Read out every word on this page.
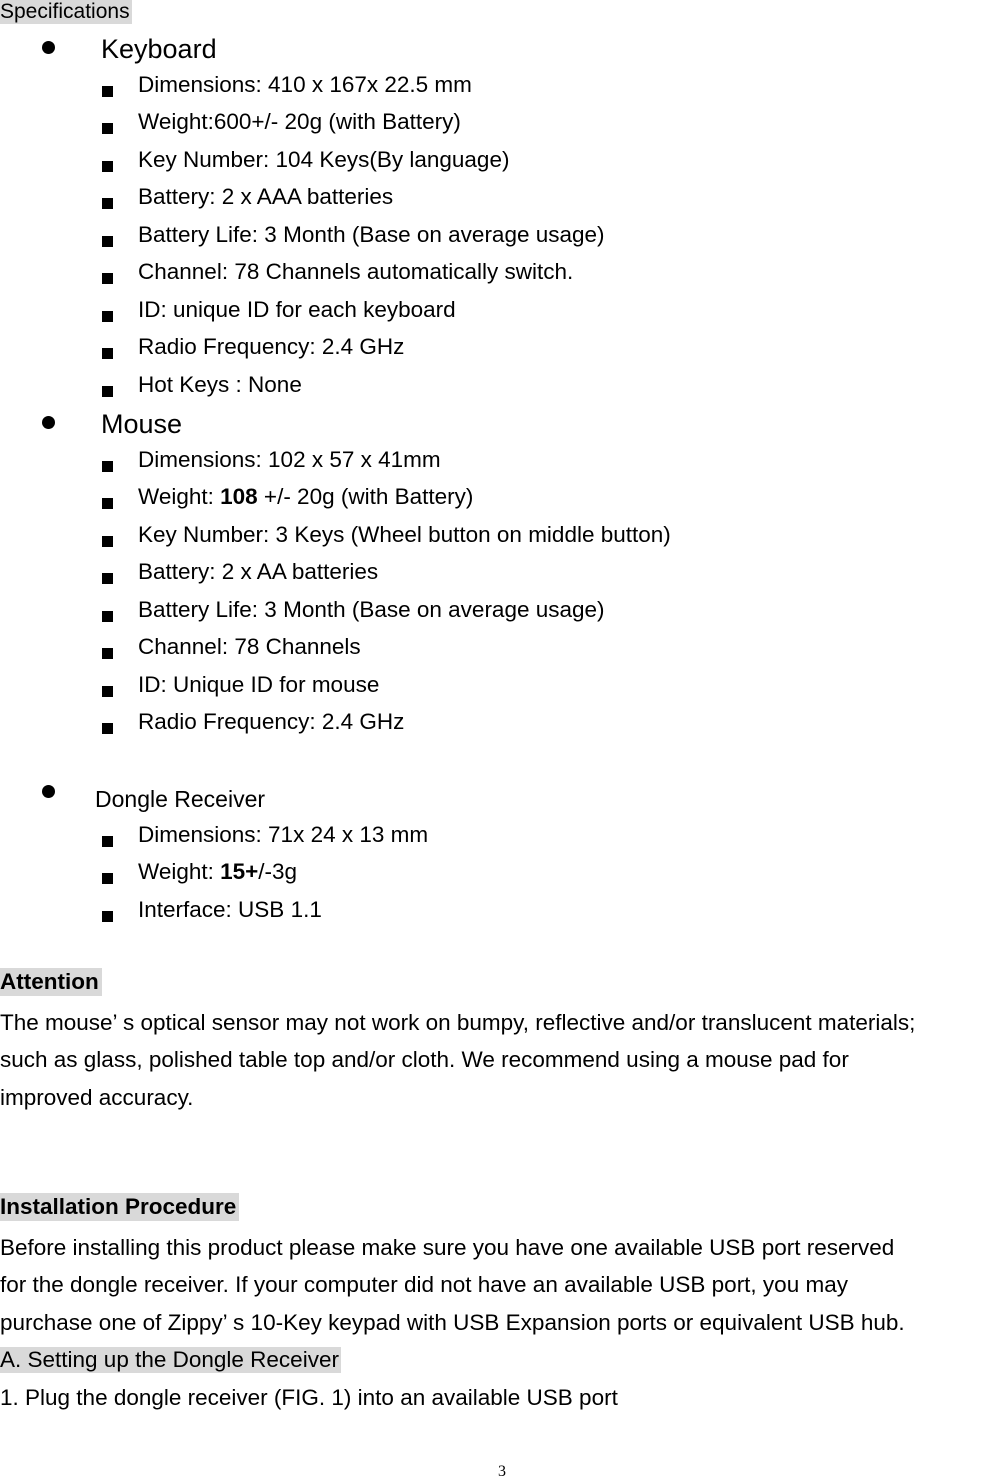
Specifications
Keyboard
Dimensions: 410 x 167x 22.5 mm
Weight:600+/- 20g (with Battery)
Key Number: 104 Keys(By language)
Battery: 2 x AAA batteries
Battery Life: 3 Month (Base on average usage)
Channel: 78 Channels automatically switch.
ID: unique ID for each keyboard
Radio Frequency: 2.4 GHz
Hot Keys : None
Mouse
Dimensions: 102 x 57 x 41mm
Weight: 108 +/- 20g (with Battery)
Key Number: 3 Keys (Wheel button on middle button)
Battery: 2 x AA batteries
Battery Life: 3 Month (Base on average usage)
Channel: 78 Channels
ID: Unique ID for mouse
Radio Frequency: 2.4 GHz
Dongle Receiver
Dimensions: 71x 24 x 13 mm
Weight: 15+/-3g
Interface: USB 1.1
Attention
The mouse’ s optical sensor may not work on bumpy, reflective and/or translucent materials;
such as glass, polished table top and/or cloth. We recommend using a mouse pad for
improved accuracy.
Installation Procedure
Before installing this product please make sure you have one available USB port reserved
for the dongle receiver. If your computer did not have an available USB port, you may
purchase one of Zippy’ s 10-Key keypad with USB Expansion ports or equivalent USB hub.
A. Setting up the Dongle Receiver
1. Plug the dongle receiver (FIG. 1) into an available USB port
3
